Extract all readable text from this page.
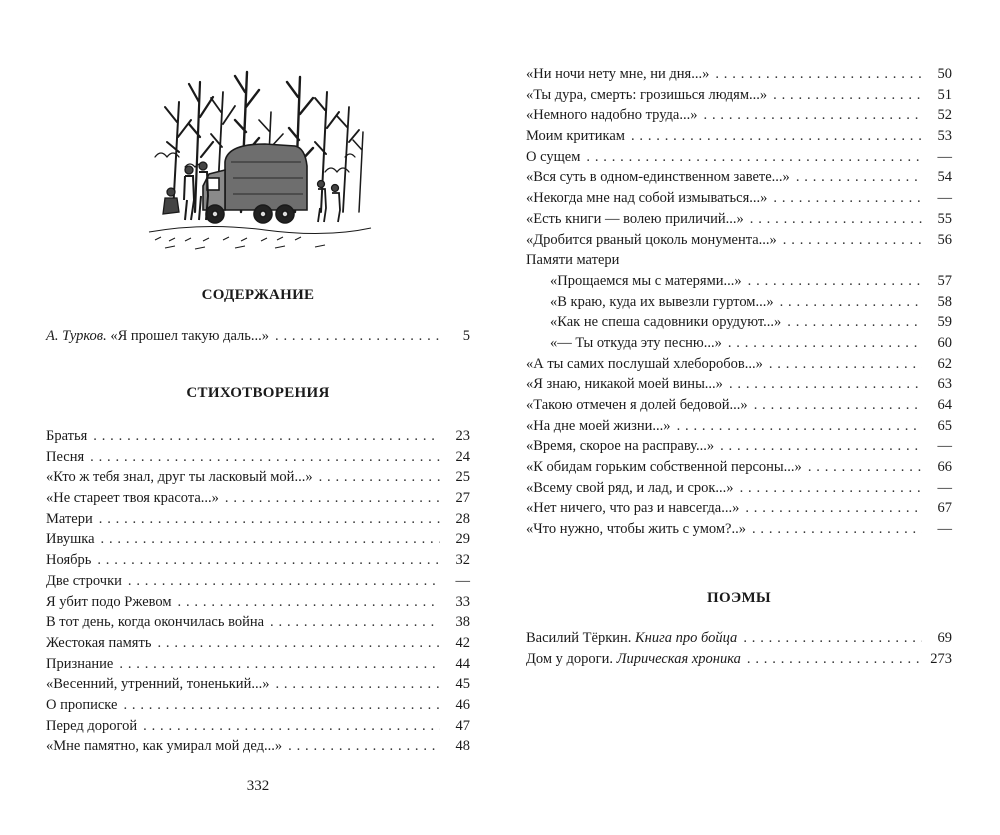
СОДЕРЖАНИЕ
А. Турков. «Я прошел такую даль...» . . .	5
СТИХОТВОРЕНИЯ
Братья . . .	23
Песня . . .	24
«Кто ж тебя знал, друг ты ласковый мой...» . . .	25
«Не стареет твоя красота...» . . .	27
Матери . . .	28
Ивушка . . .	29
Ноябрь . . .	32
Две строчки . . .	—
Я убит подо Ржевом . . .	33
В тот день, когда окончилась война . . .	38
Жестокая память . . .	42
Признание . . .	44
«Весенний, утренний, тоненький...» . . .	45
О прописке . . .	46
Перед дорогой . . .	47
«Мне памятно, как умирал мой дед...» . . .	48
332
«Ни ночи нету мне, ни дня...» . . .	50
«Ты дура, смерть: грозишься людям...» . . .	51
«Немного надобно труда...» . . .	52
Моим критикам . . .	53
О сущем . . .	—
«Вся суть в одном-единственном завете...» . . .	54
«Некогда мне над собой измываться...» . . .	—
«Есть книги — волею приличий...» . . .	55
«Дробится рваный цоколь монумента...» . . .	56
Памяти матери
«Прощаемся мы с матерями...» . . .	57
«В краю, куда их вывезли гуртом...» . . .	58
«Как не спеша садовники орудуют...» . . .	59
«— Ты откуда эту песню...» . . .	60
«А ты самих послушай хлеборобов...» . . .	62
«Я знаю, никакой моей вины...» . . .	63
«Такою отмечен я долей бедовой...» . . .	64
«На дне моей жизни...» . . .	65
«Время, скорое на расправу...» . . .	—
«К обидам горьким собственной персоны...» . . .	66
«Всему свой ряд, и лад, и срок...» . . .	—
«Нет ничего, что раз и навсегда...» . . .	67
«Что нужно, чтобы жить с умом?..» . . .	—
ПОЭМЫ
Василий Тёркин. Книга про бойца . . .	69
Дом у дороги. Лирическая хроника . . .	273
